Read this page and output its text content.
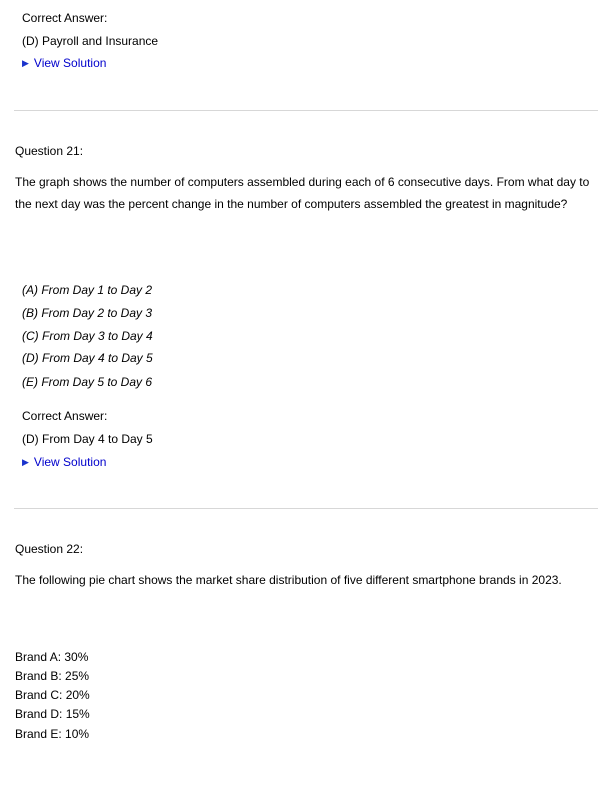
Correct Answer:
(D) Payroll and Insurance
▶ View Solution
Question 21:
The graph shows the number of computers assembled during each of 6 consecutive days. From what day to the next day was the percent change in the number of computers assembled the greatest in magnitude?
(A) From Day 1 to Day 2
(B) From Day 2 to Day 3
(C) From Day 3 to Day 4
(D) From Day 4 to Day 5
(E) From Day 5 to Day 6
Correct Answer:
(D) From Day 4 to Day 5
▶ View Solution
Question 22:
The following pie chart shows the market share distribution of five different smartphone brands in 2023.
Brand A: 30%
Brand B: 25%
Brand C: 20%
Brand D: 15%
Brand E: 10%
